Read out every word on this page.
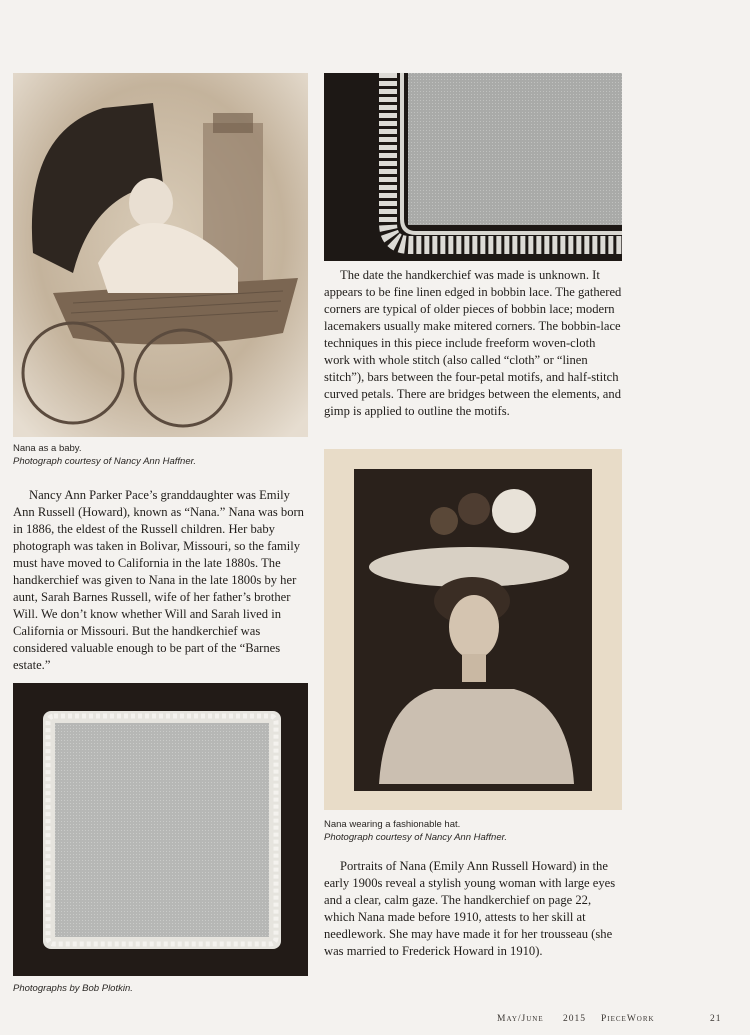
Nana as a baby.
Photograph courtesy of Nancy Ann Haffner.

The date the handkerchief was made is unknown. It appears to be fine linen edged in bobbin lace. The gathered corners are typical of older pieces of bobbin lace; modern lacemakers usually make mitered corners. The bobbin-lace techniques in this piece include freeform woven-cloth work with whole stitch (also called “cloth” or “linen stitch”), bars between the four-petal motifs, and half-stitch curved petals. There are bridges between the elements, and gimp is applied to outline the motifs.

Nancy Ann Parker Pace’s granddaughter was Emily Ann Russell (Howard), known as “Nana.” Nana was born in 1886, the eldest of the Russell children. Her baby photograph was taken in Bolivar, Missouri, so the family must have moved to California in the late 1880s. The handkerchief was given to Nana in the late 1800s by her aunt, Sarah Barnes Russell, wife of her father’s brother Will. We don’t know whether Will and Sarah lived in California or Missouri. But the handkerchief was considered valuable enough to be part of the “Barnes estate.”

Nana wearing a fashionable hat.
Photograph courtesy of Nancy Ann Haffner.
Photographs by Bob Plotkin.

Portraits of Nana (Emily Ann Russell Howard) in the early 1900s reveal a stylish young woman with large eyes and a clear, calm gaze. The handkerchief on page 22, which Nana made before 1910, attests to her skill at needlework. She may have made it for her trousseau (she was married to Frederick Howard in 1910).

May/June 2015 PieceWork	21
